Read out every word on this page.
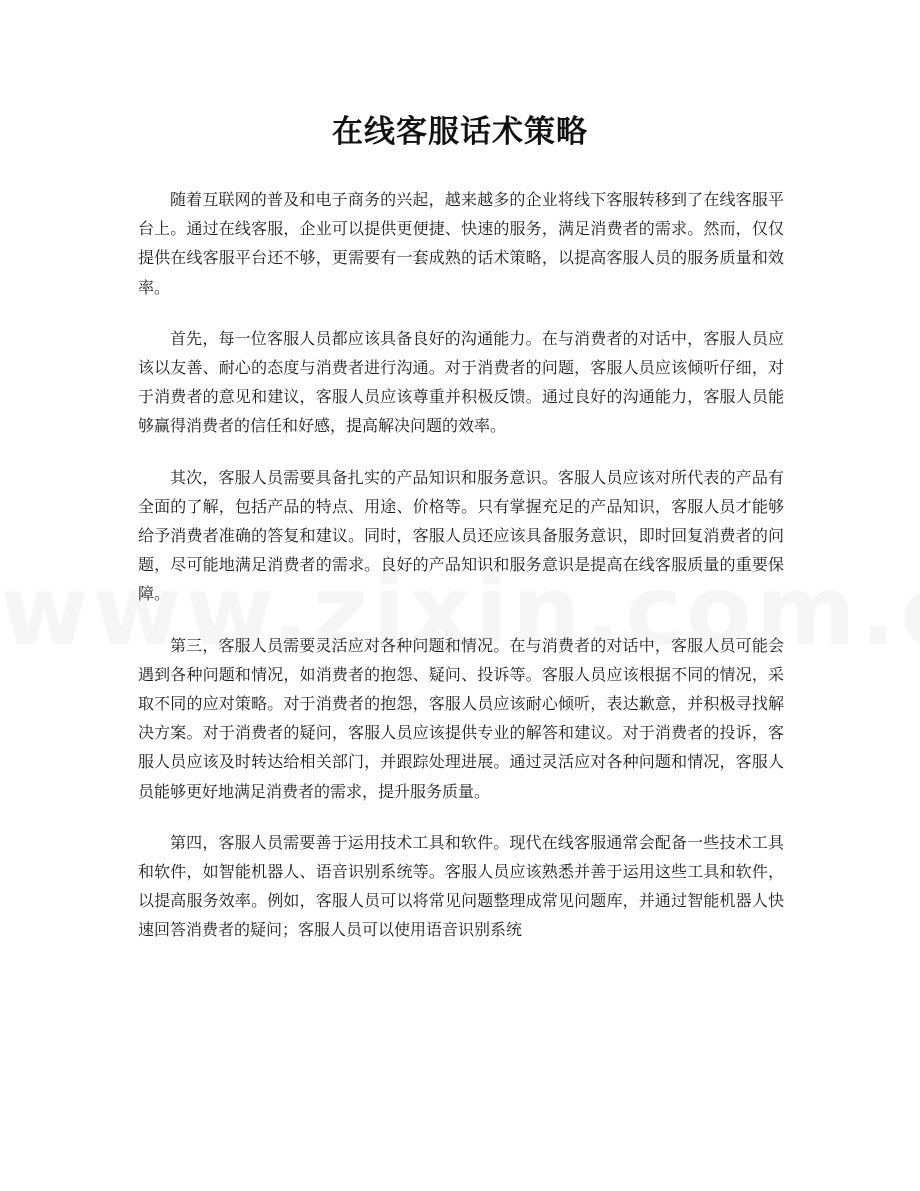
在线客服话术策略

随着互联网的普及和电子商务的兴起，越来越多的企业将线下客服转移到了在线客服平台上。通过在线客服，企业可以提供更便捷、快速的服务，满足消费者的需求。然而，仅仅提供在线客服平台还不够，更需要有一套成熟的话术策略，以提高客服人员的服务质量和效率。

首先，每一位客服人员都应该具备良好的沟通能力。在与消费者的对话中，客服人员应该以友善、耐心的态度与消费者进行沟通。对于消费者的问题，客服人员应该倾听仔细，对于消费者的意见和建议，客服人员应该尊重并积极反馈。通过良好的沟通能力，客服人员能够赢得消费者的信任和好感，提高解决问题的效率。

其次，客服人员需要具备扎实的产品知识和服务意识。客服人员应该对所代表的产品有全面的了解，包括产品的特点、用途、价格等。只有掌握充足的产品知识，客服人员才能够给予消费者准确的答复和建议。同时，客服人员还应该具备服务意识，即时回复消费者的问题，尽可能地满足消费者的需求。良好的产品知识和服务意识是提高在线客服质量的重要保障。

第三，客服人员需要灵活应对各种问题和情况。在与消费者的对话中，客服人员可能会遇到各种问题和情况，如消费者的抱怨、疑问、投诉等。客服人员应该根据不同的情况，采取不同的应对策略。对于消费者的抱怨，客服人员应该耐心倾听，表达歉意，并积极寻找解决方案。对于消费者的疑问，客服人员应该提供专业的解答和建议。对于消费者的投诉，客服人员应该及时转达给相关部门，并跟踪处理进展。通过灵活应对各种问题和情况，客服人员能够更好地满足消费者的需求，提升服务质量。

第四，客服人员需要善于运用技术工具和软件。现代在线客服通常会配备一些技术工具和软件，如智能机器人、语音识别系统等。客服人员应该熟悉并善于运用这些工具和软件，以提高服务效率。例如，客服人员可以将常见问题整理成常见问题库，并通过智能机器人快速回答消费者的疑问；客服人员可以使用语音识别系统
